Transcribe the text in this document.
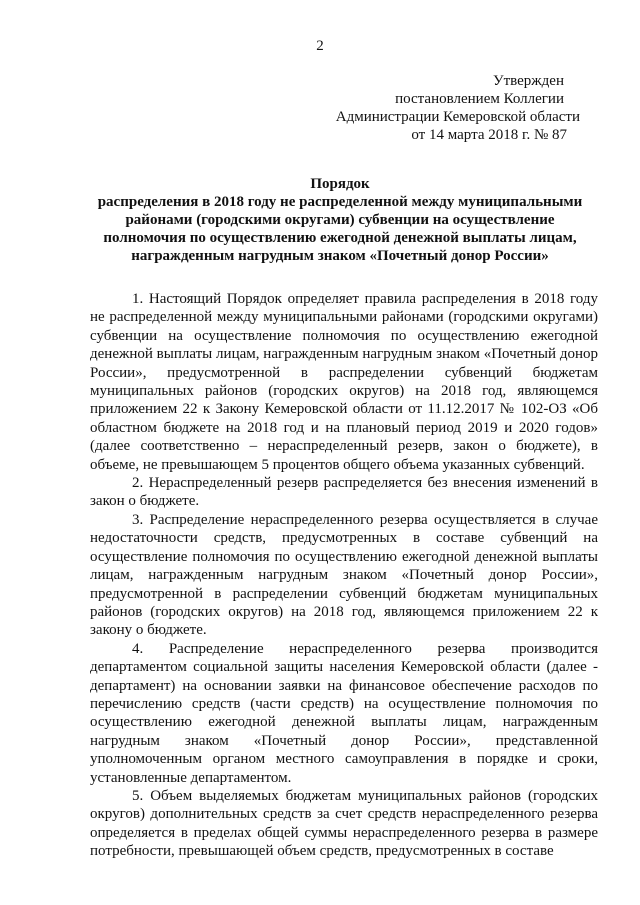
2
Утвержден
постановлением Коллегии
Администрации Кемеровской области
от 14 марта 2018 г. № 87
Порядок
распределения в 2018 году не распределенной между муниципальными
районами (городскими округами) субвенции на осуществление
полномочия по осуществлению ежегодной денежной выплаты лицам,
награжденным нагрудным знаком «Почетный донор России»

1. Настоящий Порядок определяет правила распределения в 2018 году не распределенной между муниципальными районами (городскими округами) субвенции на осуществление полномочия по осуществлению ежегодной денежной выплаты лицам, награжденным нагрудным знаком «Почетный донор России», предусмотренной в распределении субвенций бюджетам муниципальных районов (городских округов) на 2018 год, являющемся приложением 22 к Закону Кемеровской области от 11.12.2017 № 102-ОЗ «Об областном бюджете на 2018 год и на плановый период 2019 и 2020 годов» (далее соответственно – нераспределенный резерв, закон о бюджете), в объеме, не превышающем 5 процентов общего объема указанных субвенций.

2. Нераспределенный резерв распределяется без внесения изменений в закон о бюджете.

3. Распределение нераспределенного резерва осуществляется в случае недостаточности средств, предусмотренных в составе субвенций на осуществление полномочия по осуществлению ежегодной денежной выплаты лицам, награжденным нагрудным знаком «Почетный донор России», предусмотренной в распределении субвенций бюджетам муниципальных районов (городских округов) на 2018 год, являющемся приложением 22 к закону о бюджете.

4. Распределение нераспределенного резерва производится департаментом социальной защиты населения Кемеровской области (далее - департамент) на основании заявки на финансовое обеспечение расходов по перечислению средств (части средств) на осуществление полномочия по осуществлению ежегодной денежной выплаты лицам, награжденным нагрудным знаком «Почетный донор России», представленной уполномоченным органом местного самоуправления в порядке и сроки, установленные департаментом.

5. Объем выделяемых бюджетам муниципальных районов (городских округов) дополнительных средств за счет средств нераспределенного резерва определяется в пределах общей суммы нераспределенного резерва в размере потребности, превышающей объем средств, предусмотренных в составе
